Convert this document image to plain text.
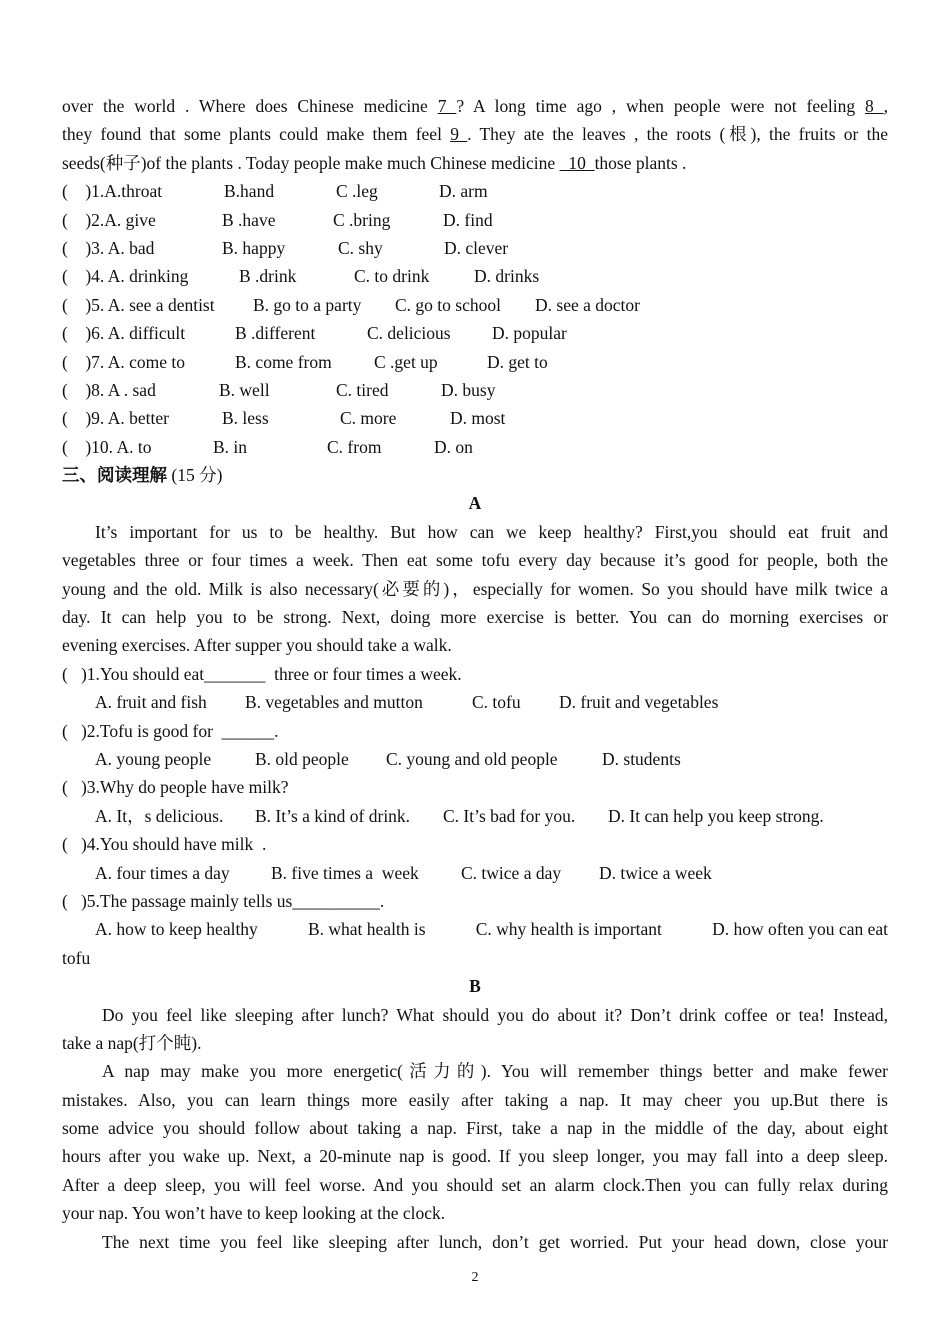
over the world . Where does Chinese medicine 7 ? A long time ago , when people were not feeling 8 ,
they found that some plants could make them feel 9 . They ate the leaves , the roots (根), the fruits or the
seeds(种子)of the plants . Today people make much Chinese medicine   10  those plants .
(    )1.A.throat	B.hand	C .leg	D. arm
(    )2.A. give	B .have	C .bring	D. find
(    )3. A. bad	B. happy	C. shy	D. clever
(    )4. A. drinking	B .drink	C. to drink	D. drinks
(    )5. A. see a dentist B. go to a party C. go to school D. see a doctor
(    )6. A. difficult	B .different	C. delicious D. popular
(    )7. A. come to	B. come from C .get up	D. get to
(    )8. A . sad	B. well	C. tired	D. busy
(    )9. A. better	B. less	C. more	D. most
(    )10. A. to	B. in	C. from	D. on
三、阅读理解 (15 分)
A
It’s important for us to be healthy. But how can we keep healthy? First,you should eat fruit and
vegetables three or four times a week. Then eat some tofu every day because it’s good for people, both the
young and the old. Milk is also necessary(必要的)，especially for women. So you should have milk twice a
day. It can help you to be strong. Next, doing more exercise is better. You can do morning exercises or
evening exercises. After supper you should take a walk.
(   )1.You should eat_______  three or four times a week.
A. fruit and fish B. vegetables and mutton	C. tofu D. fruit and vegetables
(   )2.Tofu is good for  ______.
A. young people	B. old people C. young and old people	D. students
(   )3.Why do people have milk?
A. It，s delicious. B. It’s a kind of drink. C. It’s bad for you. D. It can help you keep strong.
(   )4.You should have milk  .
A. four times a day B. five times a  week C. twice a day D. twice a week
(   )5.The passage mainly tells us__________.
A. how to keep healthy	B. what health is	C. why health is important	D. how often you can eat
tofu
B
Do you feel like sleeping after lunch? What should you do about it? Don’t drink coffee or tea! Instead,
take a nap(打个盹).
A nap may make you more energetic(活力的). You will remember things better and make fewer
mistakes. Also, you can learn things more easily after taking a nap. It may cheer you up.But there is
some advice you should follow about taking a nap. First, take a nap in the middle of the day, about eight
hours after you wake up. Next, a 20-minute nap is good. If you sleep longer, you may fall into a deep sleep.
After a deep sleep, you will feel worse. And you should set an alarm clock.Then you can fully relax during
your nap. You won’t have to keep looking at the clock.
The next time you feel like sleeping after lunch, don’t get worried. Put your head down, close your
2
